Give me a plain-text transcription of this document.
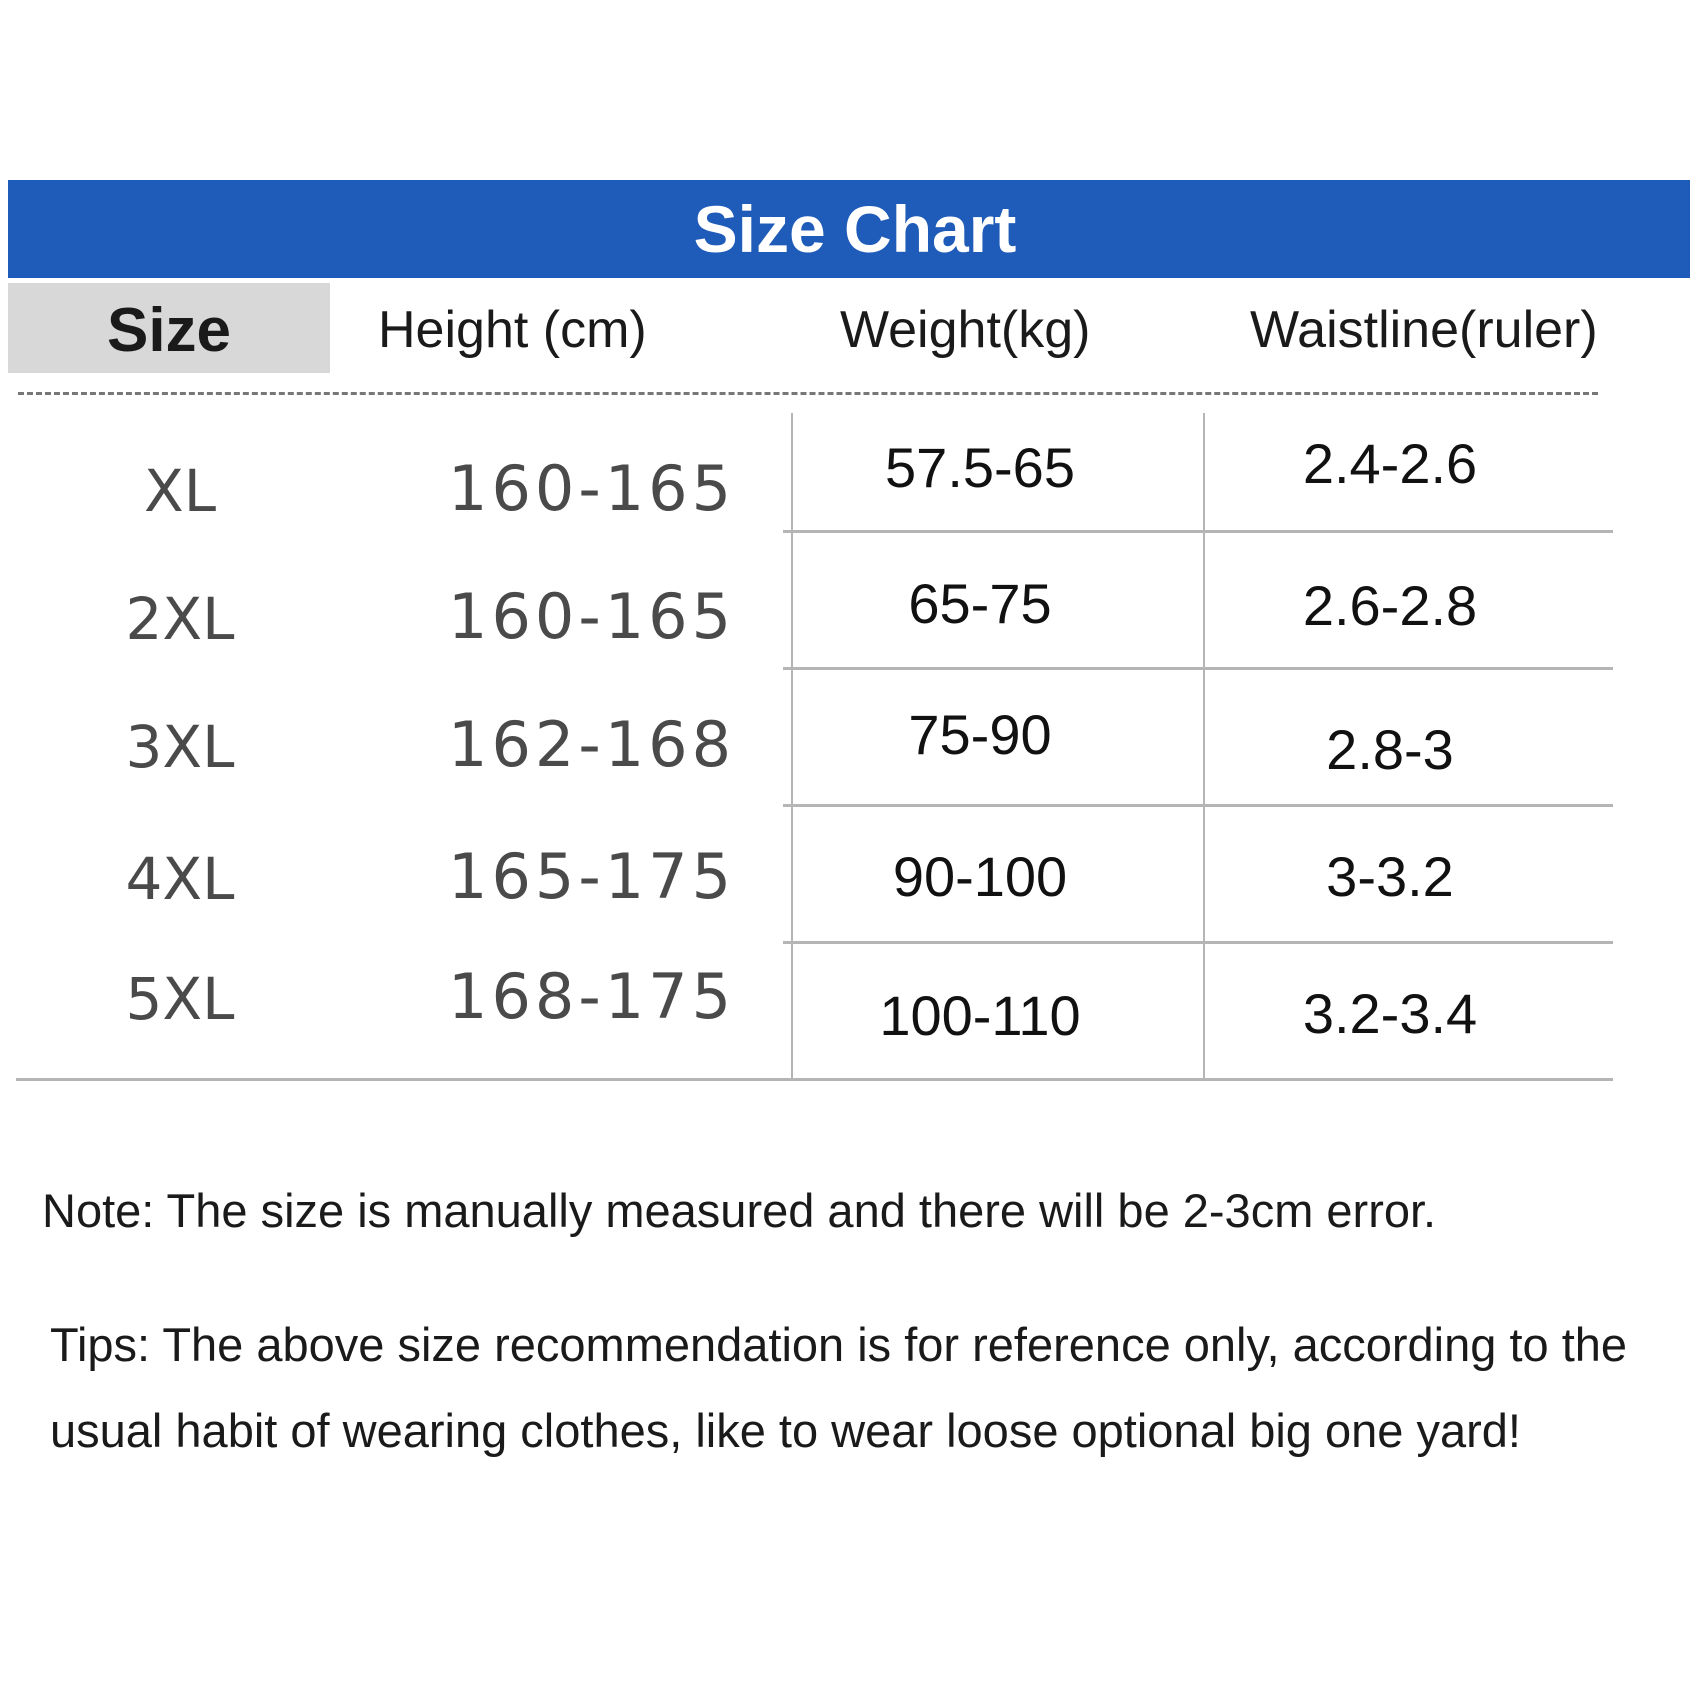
Size Chart
Size	Height (cm)	Weight(kg)	Waistline(ruler)
XL	160-165	57.5-65	2.4-2.6
2XL	160-165	65-75	2.6-2.8
3XL	162-168	75-90	2.8-3
4XL	165-175	90-100	3-3.2
5XL	168-175	100-110	3.2-3.4
Note: The size is manually measured and there will be 2-3cm error.
Tips: The above size recommendation is for reference only, according to the usual habit of wearing clothes, like to wear loose optional big one yard!
